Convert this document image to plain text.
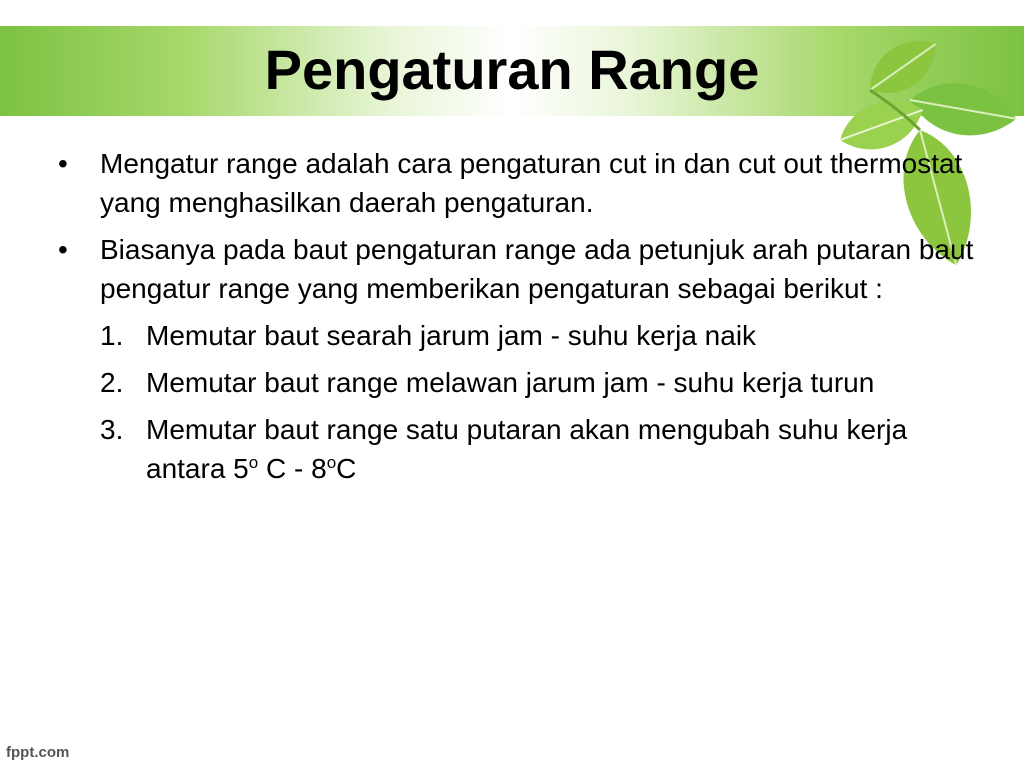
Pengaturan Range
• Mengatur range adalah cara pengaturan cut in dan cut out thermostat yang menghasilkan daerah pengaturan.
• Biasanya pada baut pengaturan range ada petunjuk arah putaran baut pengatur range yang memberikan pengaturan sebagai berikut :
1. Memutar baut searah jarum jam - suhu kerja naik
2. Memutar baut range melawan jarum jam - suhu kerja turun
3. Memutar baut range satu putaran akan mengubah suhu kerja antara 5$^o$ C - 8$^o$C
fppt.com
